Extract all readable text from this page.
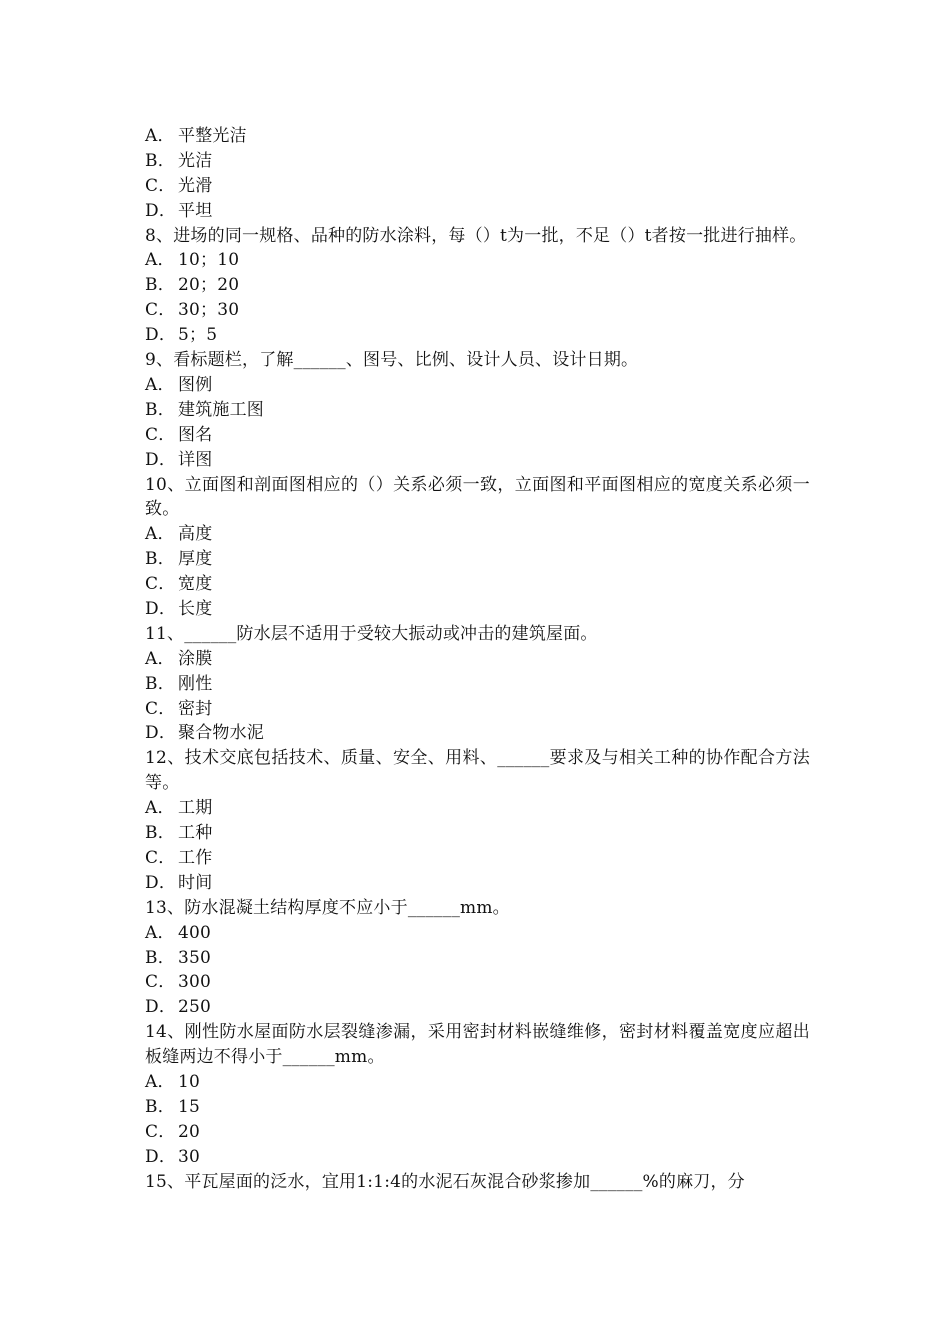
A． 平整光洁
B． 光洁
C． 光滑
D． 平坦
8、进场的同一规格、品种的防水涂料，每（）t为一批，不足（）t者按一批进行抽样。
A． 10；10
B． 20；20
C． 30；30
D． 5；5
9、看标题栏，了解______、图号、比例、设计人员、设计日期。
A． 图例
B． 建筑施工图
C． 图名
D． 详图
10、立面图和剖面图相应的（）关系必须一致，立面图和平面图相应的宽度关系必须一致。
A． 高度
B． 厚度
C． 宽度
D． 长度
11、______防水层不适用于受较大振动或冲击的建筑屋面。
A． 涂膜
B． 刚性
C． 密封
D． 聚合物水泥
12、技术交底包括技术、质量、安全、用料、______要求及与相关工种的协作配合方法等。
A． 工期
B． 工种
C． 工作
D． 时间
13、防水混凝土结构厚度不应小于______mm。
A． 400
B． 350
C． 300
D． 250
14、刚性防水屋面防水层裂缝渗漏，采用密封材料嵌缝维修，密封材料覆盖宽度应超出板缝两边不得小于______mm。
A． 10
B． 15
C． 20
D． 30
15、平瓦屋面的泛水，宜用1:1:4的水泥石灰混合砂浆掺加______%的麻刀，分
